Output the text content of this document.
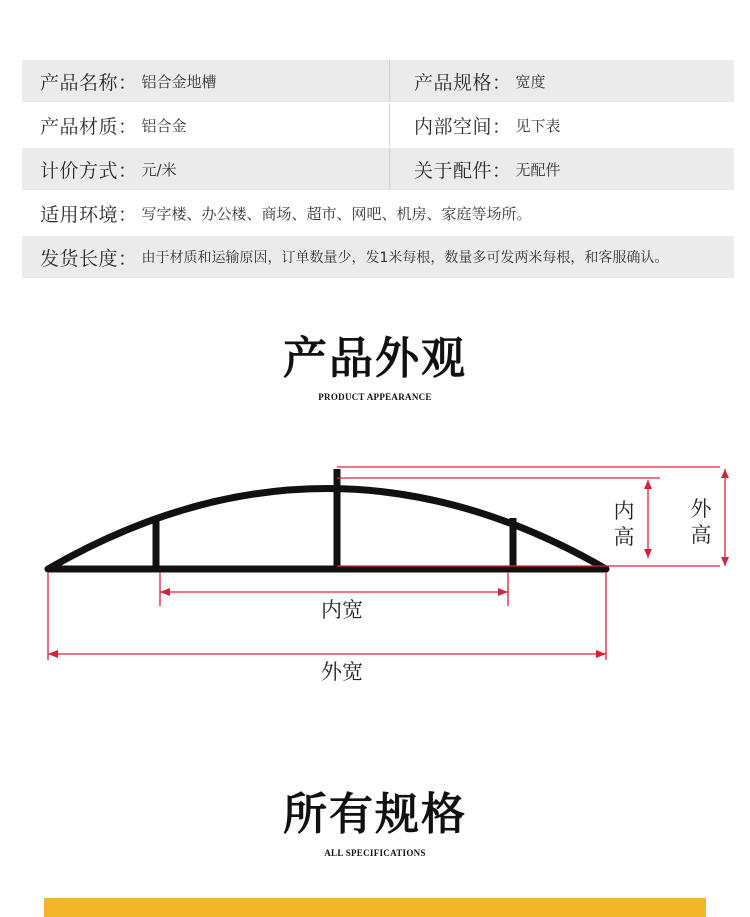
产品名称： 铝合金地槽	产品规格： 宽度
产品材质： 铝合金	内部空间： 见下表
计价方式： 元/米	关于配件： 无配件
适用环境： 写字楼、办公楼、商场、超市、网吧、机房、家庭等场所。
发货长度： 由于材质和运输原因，订单数量少，发1米每根，数量多可发两米每根，和客服确认。
产品外观
PRODUCT APPEARANCE
内
高
外
高
内宽
外宽
所有规格
ALL SPECIFICATIONS
